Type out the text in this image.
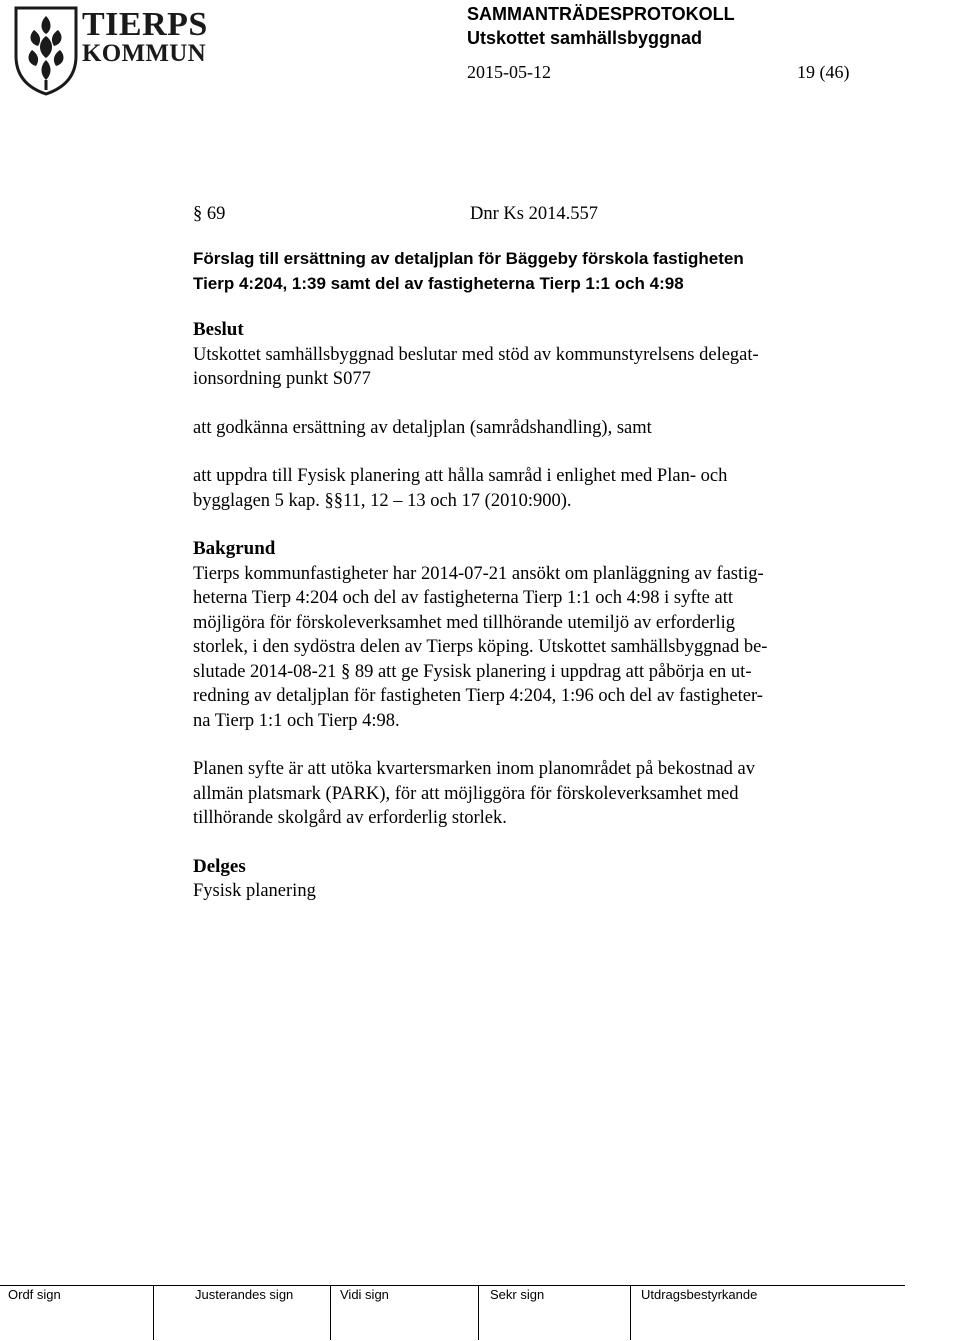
TIERPS
KOMMUN
SAMMANTRÄDESPROTOKOLL
Utskottet samhällsbyggnad
2015-05-12	19 (46)
§ 69	Dnr Ks 2014.557
Förslag till ersättning av detaljplan för Bäggeby förskola fastigheten
Tierp 4:204, 1:39 samt del av fastigheterna Tierp 1:1 och 4:98
Beslut
Utskottet samhällsbyggnad beslutar med stöd av kommunstyrelsens delegat-
ionsordning punkt S077
att godkänna ersättning av detaljplan (samrådshandling), samt
att uppdra till Fysisk planering att hålla samråd i enlighet med Plan- och
bygglagen 5 kap. §§11, 12 – 13 och 17 (2010:900).
Bakgrund
Tierps kommunfastigheter har 2014-07-21 ansökt om planläggning av fastig-
heterna Tierp 4:204 och del av fastigheterna Tierp 1:1 och 4:98 i syfte att
möjligöra för förskoleverksamhet med tillhörande utemiljö av erforderlig
storlek, i den sydöstra delen av Tierps köping. Utskottet samhällsbyggnad be-
slutade 2014-08-21 § 89 att ge Fysisk planering i uppdrag att påbörja en ut-
redning av detaljplan för fastigheten Tierp 4:204, 1:96 och del av fastigheter-
na Tierp 1:1 och Tierp 4:98.
Planen syfte är att utöka kvartersmarken inom planområdet på bekostnad av
allmän platsmark (PARK), för att möjliggöra för förskoleverksamhet med
tillhörande skolgård av erforderlig storlek.
Delges
Fysisk planering
Ordf sign	Justerandes sign	Vidi sign	Sekr sign	Utdragsbestyrkande
